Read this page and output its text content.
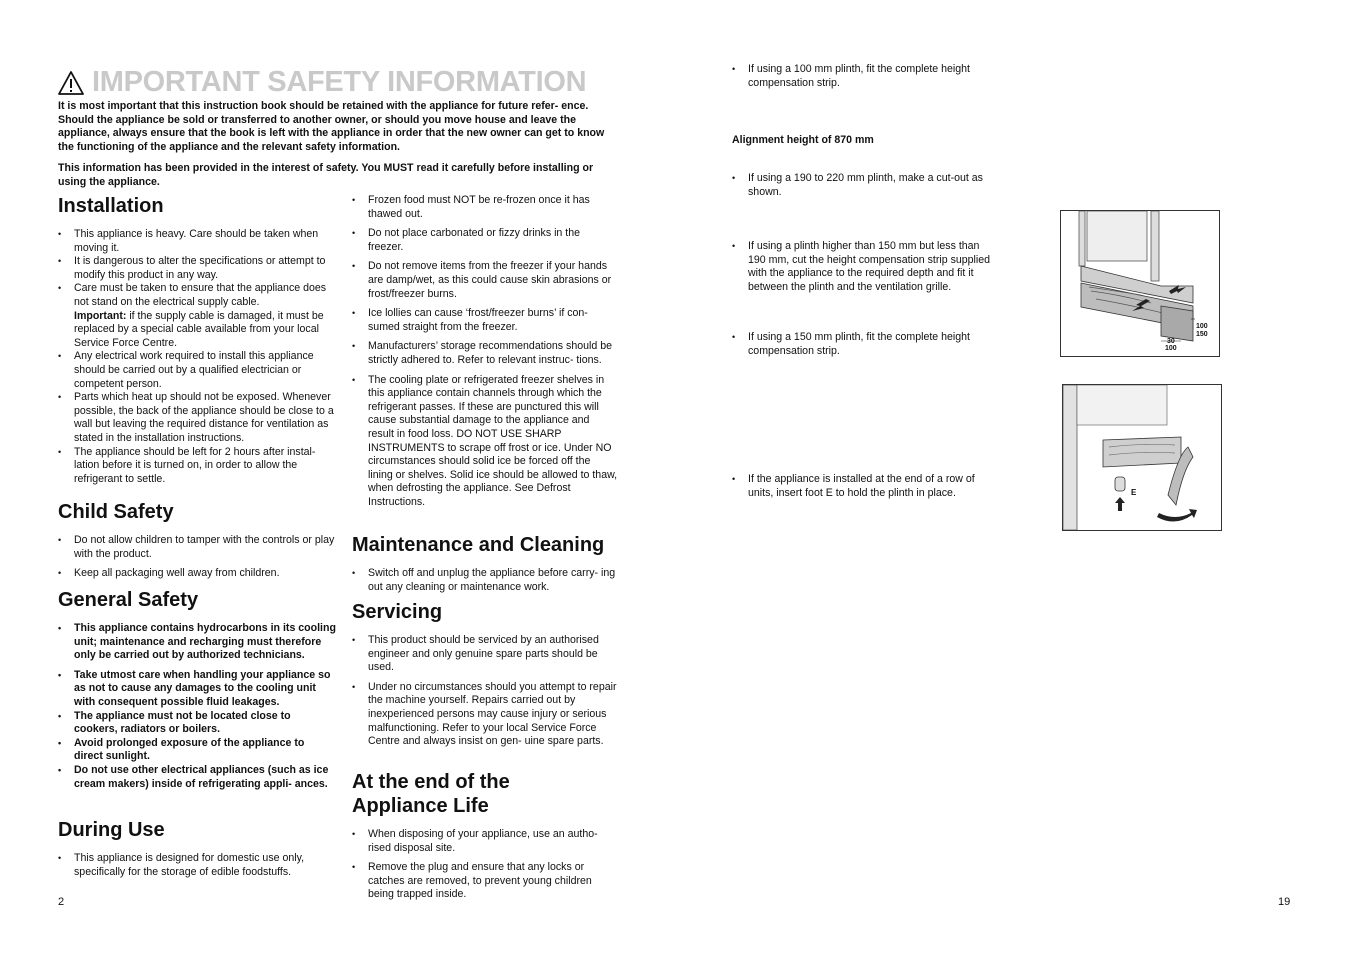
IMPORTANT SAFETY INFORMATION
It is most important that this instruction book should be retained with the appliance for future refer- ence. Should the appliance be sold or transferred to another owner, or should you move house and leave the appliance, always ensure that the book is left with the appliance in order that the new owner can get to know the functioning of the appliance and the relevant safety information.
This information has been provided in the interest of safety. You MUST read it carefully before installing or using the appliance.
Installation
• This appliance is heavy. Care should be taken when moving it.
• It is dangerous to alter the specifications or attempt to modify this product in any way.
• Care must be taken to ensure that the appliance does not stand on the electrical supply cable.
Important: if the supply cable is damaged, it must be replaced by a special cable available from your local Service Force Centre.
• Any electrical work required to install this appliance should be carried out by a qualified electrician or competent person.
• Parts which heat up should not be exposed. Whenever possible, the back of the appliance should be close to a wall but leaving the required distance for ventilation as stated in the installation instructions.
• The appliance should be left for 2 hours after instal- lation before it is turned on, in order to allow the refrigerant to settle.
Child Safety
• Do not allow children to tamper with the controls or play with the product.
• Keep all packaging well away from children.
General Safety
• This appliance contains hydrocarbons in its cooling unit; maintenance and recharging must therefore only be carried out by authorized technicians.
• Take utmost care when handling your appliance so as not to cause any damages to the cooling unit with consequent possible fluid leakages.
• The appliance must not be located close to cookers, radiators or boilers.
• Avoid prolonged exposure of the appliance to direct sunlight.
• Do not use other electrical appliances (such as ice cream makers) inside of refrigerating appli- ances.
During Use
• This appliance is designed for domestic use only, specifically for the storage of edible foodstuffs.
• Frozen food must NOT be re-frozen once it has thawed out.
• Do not place carbonated or fizzy drinks in the freezer.
• Do not remove items from the freezer if your hands are damp/wet, as this could cause skin abrasions or frost/freezer burns.
• Ice lollies can cause ‘frost/freezer burns’ if con- sumed straight from the freezer.
• Manufacturers’ storage recommendations should be strictly adhered to. Refer to relevant instruc- tions.
• The cooling plate or refrigerated freezer shelves in this appliance contain channels through which the refrigerant passes. If these are punctured this will cause substantial damage to the appliance and result in food loss. DO NOT USE SHARP INSTRUMENTS to scrape off frost or ice. Under NO circumstances should solid ice be forced off the lining or shelves. Solid ice should be allowed to thaw, when defrosting the appliance. See Defrost Instructions.
Maintenance and Cleaning
• Switch off and unplug the appliance before carry- ing out any cleaning or maintenance work.
Servicing
• This product should be serviced by an authorised engineer and only genuine spare parts should be used.
• Under no circumstances should you attempt to repair the machine yourself. Repairs carried out by inexperienced persons may cause injury or serious malfunctioning. Refer to your local Service Force Centre and always insist on gen- uine spare parts.
At the end of the
Appliance Life
• When disposing of your appliance, use an autho- rised disposal site.
• Remove the plug and ensure that any locks or catches are removed, to prevent young children being trapped inside.
2	19
• If using a 100 mm plinth, fit the complete height compensation strip.
Alignment height of 870 mm
• If using a 190 to 220 mm plinth, make a cut-out as shown.
• If using a plinth higher than 150 mm but less than 190 mm, cut the height compensation strip supplied with the appliance to the required depth and fit it between the plinth and the ventilation grille.
• If using a 150 mm plinth, fit the complete height compensation strip.
• If the appliance is installed at the end of a row of units, insert foot E to hold the plinth in place.
100
150
30
100
E
